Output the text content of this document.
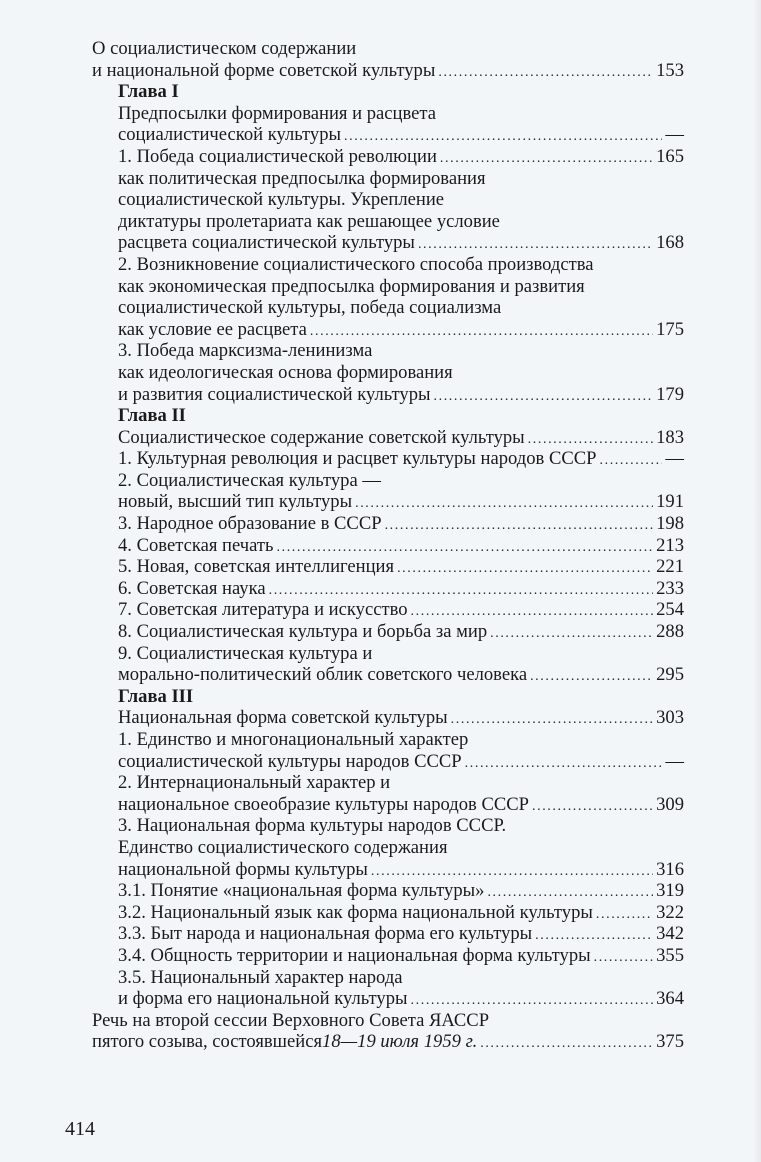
О социалистическом содержании
и национальной форме советской культуры .....	153
Глава I
Предпосылки формирования и расцвета
социалистической культуры .....	—
1. Победа социалистической революции .....	165
как политическая предпосылка формирования
социалистической культуры. Укрепление
диктатуры пролетариата как решающее условие
расцвета социалистической культуры .....	168
2. Возникновение социалистического способа производства
как экономическая предпосылка формирования и развития
социалистической культуры, победа социализма
как условие ее расцвета .....	175
3. Победа марксизма-ленинизма
как идеологическая основа формирования
и развития социалистической культуры .....	179
Глава II
Социалистическое содержание советской культуры .....	183
1. Культурная революция и расцвет культуры народов СССР .....	—
2. Социалистическая культура —
новый, высший тип культуры .....	191
3. Народное образование в СССР .....	198
4. Советская печать .....	213
5. Новая, советская интеллигенция .....	221
6. Советская наука .....	233
7. Советская литература и искусство .....	254
8. Социалистическая культура и борьба за мир .....	288
9. Социалистическая культура и
морально-политический облик советского человека .....	295
Глава III
Национальная форма советской культуры .....	303
1. Единство и многонациональный характер
социалистической культуры народов СССР .....	—
2. Интернациональный характер и
национальное своеобразие культуры народов СССР .....	309
3. Национальная форма культуры народов СССР.
Единство социалистического содержания
национальной формы культуры .....	316
3.1. Понятие «национальная форма культуры» .....	319
3.2. Национальный язык как форма национальной культуры .....	322
3.3. Быт народа и национальная форма его культуры .....	342
3.4. Общность территории и национальная форма культуры .....	355
3.5. Национальный характер народа
и форма его национальной культуры .....	364
Речь на второй сессии Верховного Совета ЯАССР
пятого созыва, состоявшейся 18—19 июля 1959 г. .....	375
414
